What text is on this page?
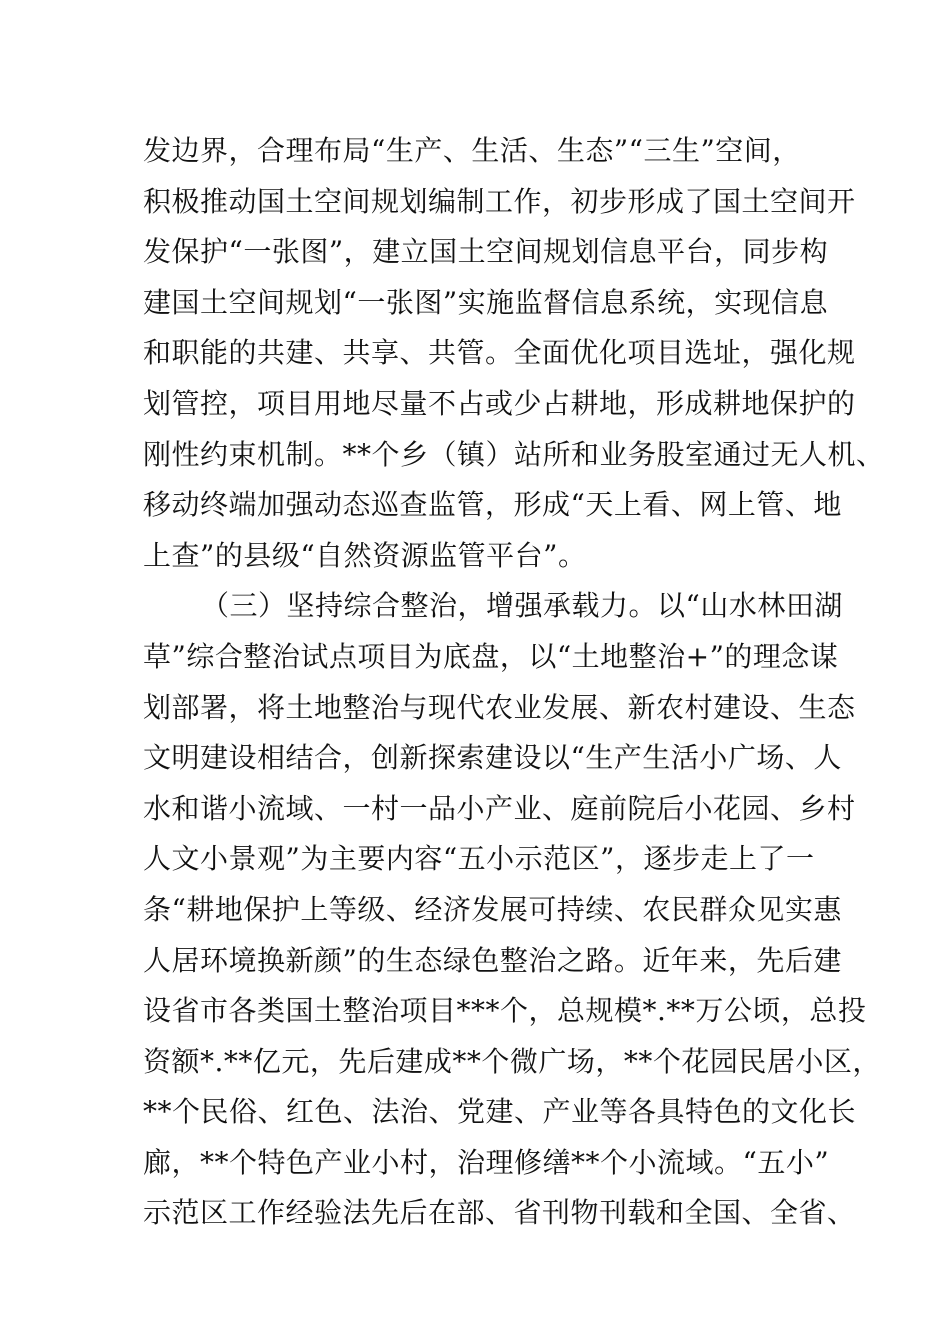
发边界，合理布局“生产、生活、生态”“三生”空间，
积极推动国土空间规划编制工作，初步形成了国土空间开
发保护“一张图”，建立国土空间规划信息平台，同步构
建国土空间规划“一张图”实施监督信息系统，实现信息
和职能的共建、共享、共管。全面优化项目选址，强化规
划管控，项目用地尽量不占或少占耕地，形成耕地保护的
刚性约束机制。**个乡（镇）站所和业务股室通过无人机、
移动终端加强动态巡查监管，形成“天上看、网上管、地
上查”的县级“自然资源监管平台”。
（三）坚持综合整治，增强承载力。以“山水林田湖
草”综合整治试点项目为底盘，以“土地整治+”的理念谋
划部署，将土地整治与现代农业发展、新农村建设、生态
文明建设相结合，创新探索建设以“生产生活小广场、人
水和谐小流域、一村一品小产业、庭前院后小花园、乡村
人文小景观”为主要内容“五小示范区”，逐步走上了一
条“耕地保护上等级、经济发展可持续、农民群众见实惠
人居环境换新颜”的生态绿色整治之路。近年来，先后建
设省市各类国土整治项目***个，总规模*.**万公顷，总投
资额*.**亿元，先后建成**个微广场，**个花园民居小区，
**个民俗、红色、法治、党建、产业等各具特色的文化长
廊，**个特色产业小村，治理修缮**个小流域。“五小”
示范区工作经验法先后在部、省刊物刊载和全国、全省、
